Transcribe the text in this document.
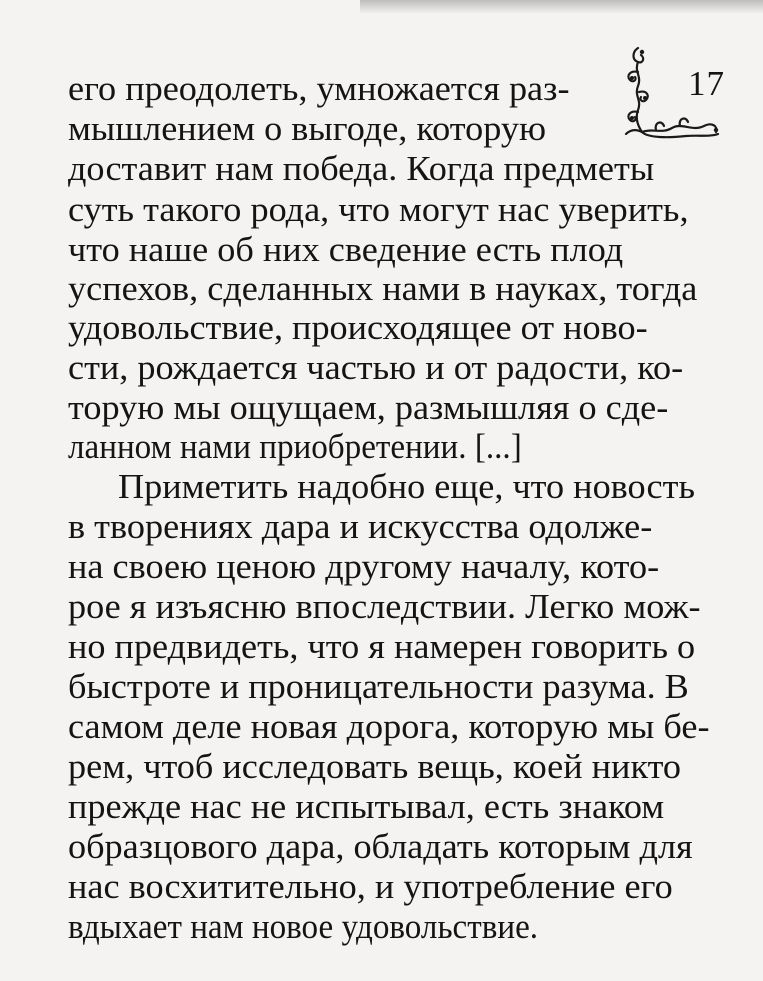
17
его преодолеть, умножается раз-
мышлением о выгоде, которую
доставит нам победа. Когда предметы
суть такого рода, что могут нас уверить,
что наше об них сведение есть плод
успехов, сделанных нами в науках, тогда
удовольствие, происходящее от ново-
сти, рождается частью и от радости, ко-
торую мы ощущаем, размышляя о сде-
ланном нами приобретении. [...]
Приметить надобно еще, что новость
в творениях дара и искусства одолже-
на своею ценою другому началу, кото-
рое я изъясню впоследствии. Легко мож-
но предвидеть, что я намерен говорить о
быстроте и проницательности разума. В
самом деле новая дорога, которую мы бе-
рем, чтоб исследовать вещь, коей никто
прежде нас не испытывал, есть знаком
образцового дара, обладать которым для
нас восхитительно, и употребление его
вдыхает нам новое удовольствие.
